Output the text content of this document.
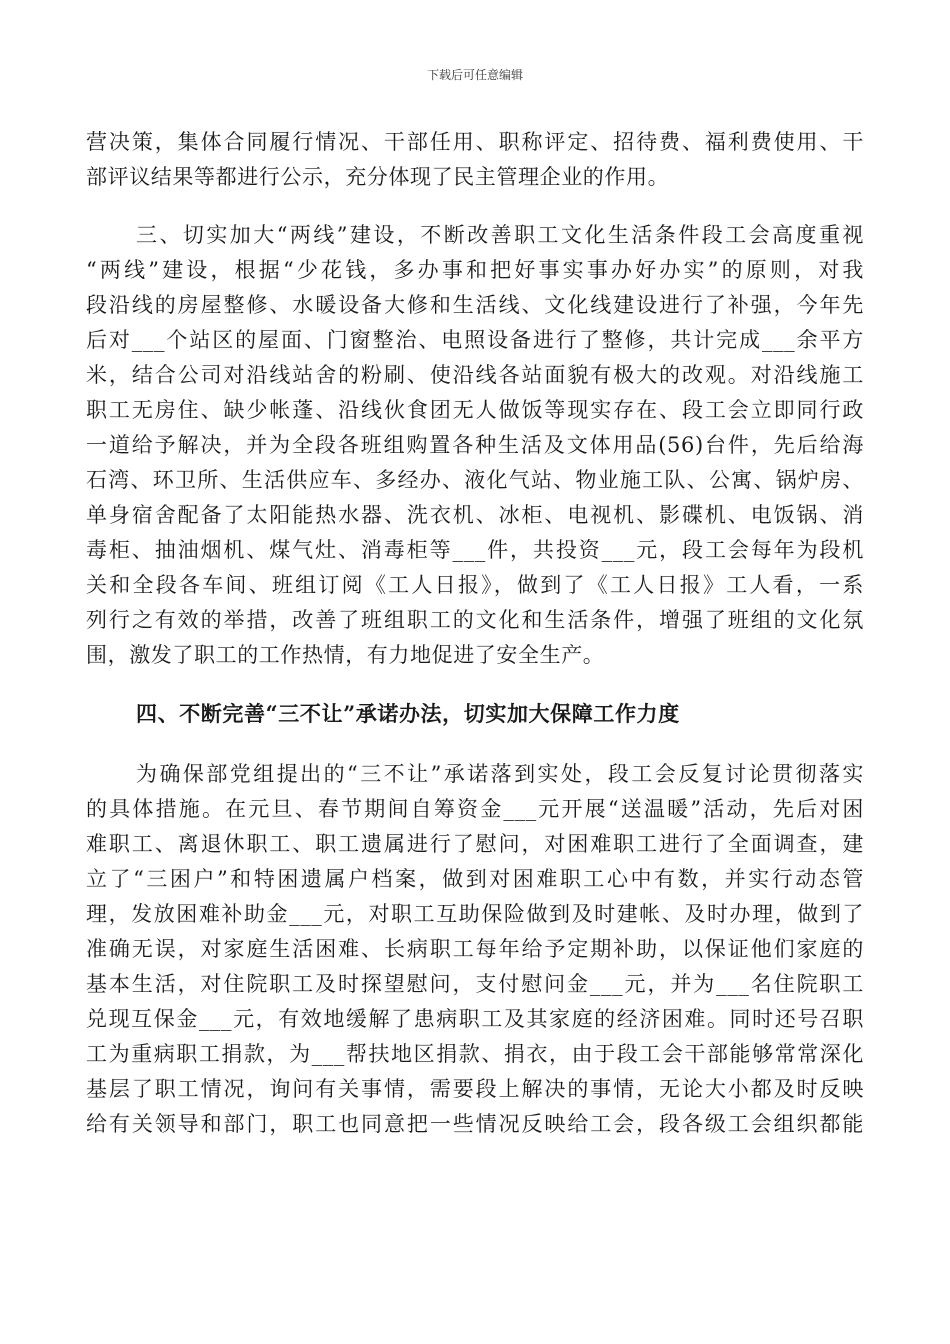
下载后可任意编辑
营决策，集体合同履行情况、干部任用、职称评定、招待费、福利费使用、干
部评议结果等都进行公示，充分体现了民主管理企业的作用。
三、切实加大“两线”建设，不断改善职工文化生活条件段工会高度重视
“两线”建设，根据“少花钱，多办事和把好事实事办好办实”的原则，对我
段沿线的房屋整修、水暖设备大修和生活线、文化线建设进行了补强，今年先
后对___个站区的屋面、门窗整治、电照设备进行了整修，共计完成___余平方
米，结合公司对沿线站舍的粉刷、使沿线各站面貌有极大的改观。对沿线施工
职工无房住、缺少帐蓬、沿线伙食团无人做饭等现实存在、段工会立即同行政
一道给予解决，并为全段各班组购置各种生活及文体用品(56)台件，先后给海
石湾、环卫所、生活供应车、多经办、液化气站、物业施工队、公寓、锅炉房、
单身宿舍配备了太阳能热水器、洗衣机、冰柜、电视机、影碟机、电饭锅、消
毒柜、抽油烟机、煤气灶、消毒柜等___件，共投资___元，段工会每年为段机
关和全段各车间、班组订阅《工人日报》，做到了《工人日报》工人看，一系
列行之有效的举措，改善了班组职工的文化和生活条件，增强了班组的文化氛
围，激发了职工的工作热情，有力地促进了安全生产。
四、不断完善“三不让”承诺办法，切实加大保障工作力度
为确保部党组提出的“三不让”承诺落到实处，段工会反复讨论贯彻落实
的具体措施。在元旦、春节期间自筹资金___元开展“送温暖”活动，先后对困
难职工、离退休职工、职工遗属进行了慰问，对困难职工进行了全面调查，建
立了“三困户”和特困遗属户档案，做到对困难职工心中有数，并实行动态管
理，发放困难补助金___元，对职工互助保险做到及时建帐、及时办理，做到了
准确无误，对家庭生活困难、长病职工每年给予定期补助，以保证他们家庭的
基本生活，对住院职工及时探望慰问，支付慰问金___元，并为___名住院职工
兑现互保金___元，有效地缓解了患病职工及其家庭的经济困难。同时还号召职
工为重病职工捐款，为___帮扶地区捐款、捐衣，由于段工会干部能够常常深化
基层了职工情况，询问有关事情，需要段上解决的事情，无论大小都及时反映
给有关领导和部门，职工也同意把一些情况反映给工会，段各级工会组织都能
